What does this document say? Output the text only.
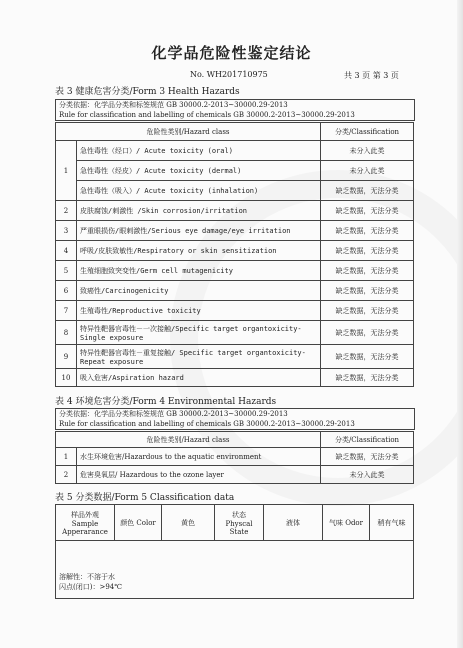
化学品危险性鉴定结论
No. WH201710975	共 3 页 第 3 页
表 3 健康危害分类/Form 3 Health Hazards
分类依据：化学品分类和标签规范 GB 30000.2-2013~30000.29-2013
Rule for classification and labelling of chemicals GB 30000.2-2013~30000.29-2013
危险性类别/Hazard class		分类/Classification
1	急性毒性（经口）/ Acute toxicity (oral)	未分入此类
	急性毒性（经皮）/ Acute toxicity (dermal)	未分入此类
	急性毒性（吸入）/ Acute toxicity (inhalation)	缺乏数据，无法分类
2	皮肤腐蚀/刺激性 /Skin corrosion/irritation	缺乏数据，无法分类
3	严重眼损伤/眼刺激性/Serious eye damage/eye irritation	缺乏数据，无法分类
4	呼吸/皮肤致敏性/Respiratory or skin sensitization	缺乏数据，无法分类
5	生殖细胞致突变性/Germ cell mutagenicity	缺乏数据，无法分类
6	致癌性/Carcinogenicity	缺乏数据，无法分类
7	生殖毒性/Reproductive toxicity	缺乏数据，无法分类
8	特异性靶器官毒性－一次接触/Specific target organtoxicity-Single exposure	缺乏数据，无法分类
9	特异性靶器官毒性－重复接触/ Specific target organtoxicity-Repeat exposure	缺乏数据，无法分类
10	吸入危害/Aspiration hazard	缺乏数据，无法分类
表 4 环境危害分类/Form 4 Environmental Hazards
分类依据：化学品分类和标签规范 GB 30000.2-2013~30000.29-2013
Rule for classification and labelling of chemicals GB 30000.2-2013~30000.29-2013
危险性类别/Hazard class		分类/Classification
1	水生环境危害/Hazardous to the aquatic environment	缺乏数据，无法分类
2	危害臭氧层/ Hazardous to the ozone layer	未分入此类
表 5 分类数据/Form 5 Classification data
样品外观 Sample Apperarance	颜色 Color	黄色	状态 Physcal State	液体	气味 Odor	稍有气味

溶解性：不溶于水
闪点(闭口)：>94℃
